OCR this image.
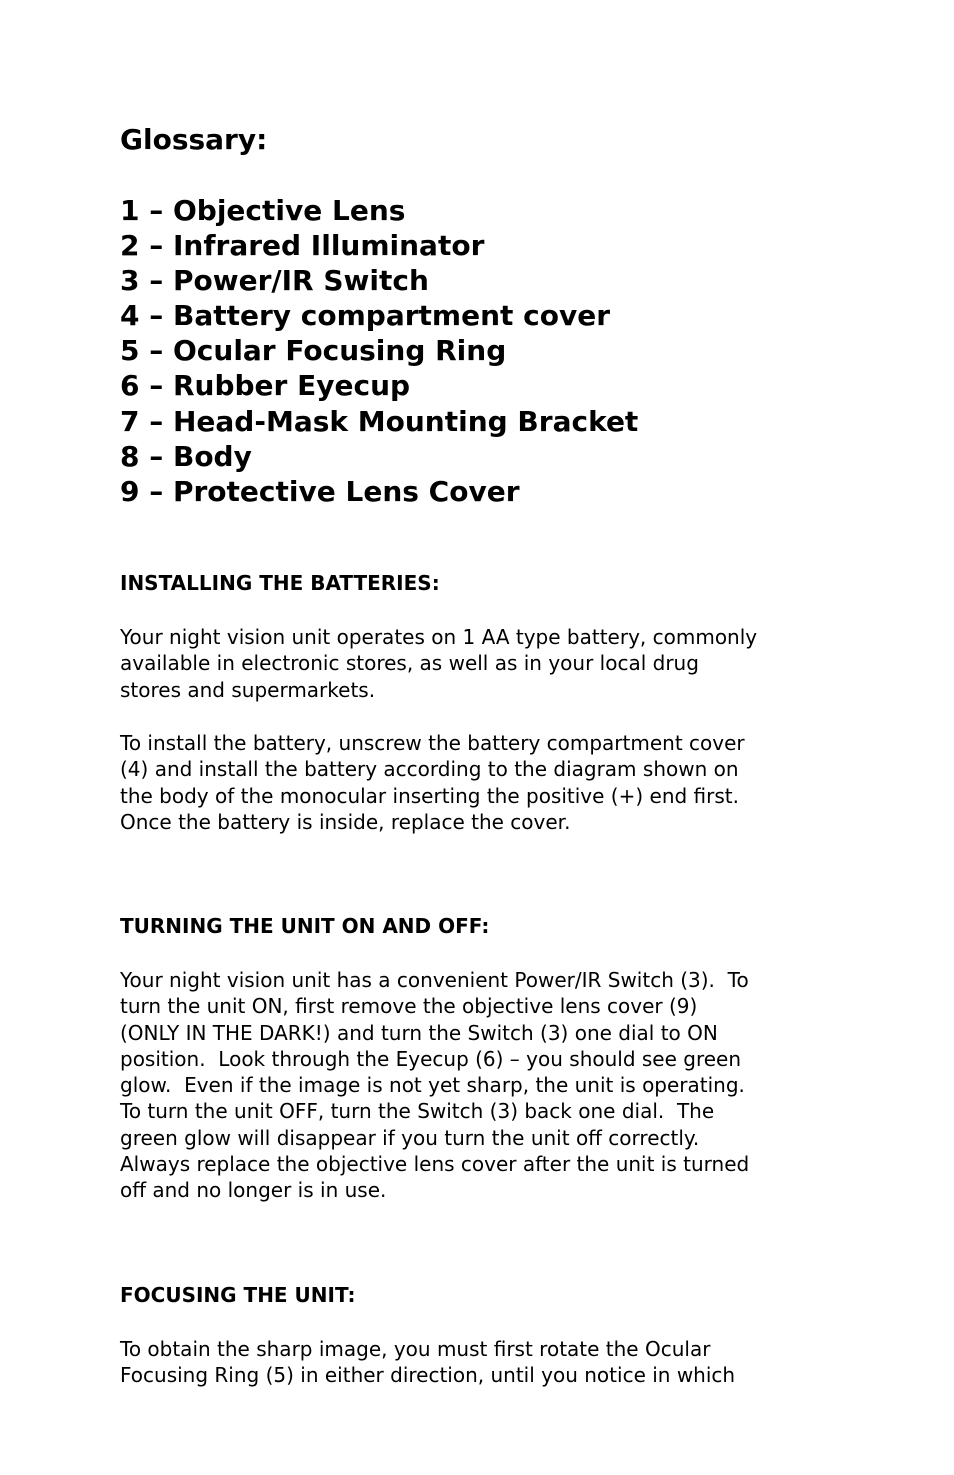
Glossary:
1 – Objective Lens
2 – Infrared Illuminator
3 – Power/IR Switch
4 – Battery compartment cover
5 – Ocular Focusing Ring
6 – Rubber Eyecup
7 – Head-Mask Mounting Bracket
8 – Body
9 – Protective Lens Cover
INSTALLING THE BATTERIES:

Your night vision unit operates on 1 AA type battery, commonly
available in electronic stores, as well as in your local drug
stores and supermarkets.

To install the battery, unscrew the battery compartment cover
(4) and install the battery according to the diagram shown on
the body of the monocular inserting the positive (+) end first.
Once the battery is inside, replace the cover.

TURNING THE UNIT ON AND OFF:

Your night vision unit has a convenient Power/IR Switch (3).  To
turn the unit ON, first remove the objective lens cover (9)
(ONLY IN THE DARK!) and turn the Switch (3) one dial to ON
position.  Look through the Eyecup (6) – you should see green
glow.  Even if the image is not yet sharp, the unit is operating.
To turn the unit OFF, turn the Switch (3) back one dial.  The
green glow will disappear if you turn the unit off correctly.
Always replace the objective lens cover after the unit is turned
off and no longer is in use.

FOCUSING THE UNIT:

To obtain the sharp image, you must first rotate the Ocular
Focusing Ring (5) in either direction, until you notice in which
